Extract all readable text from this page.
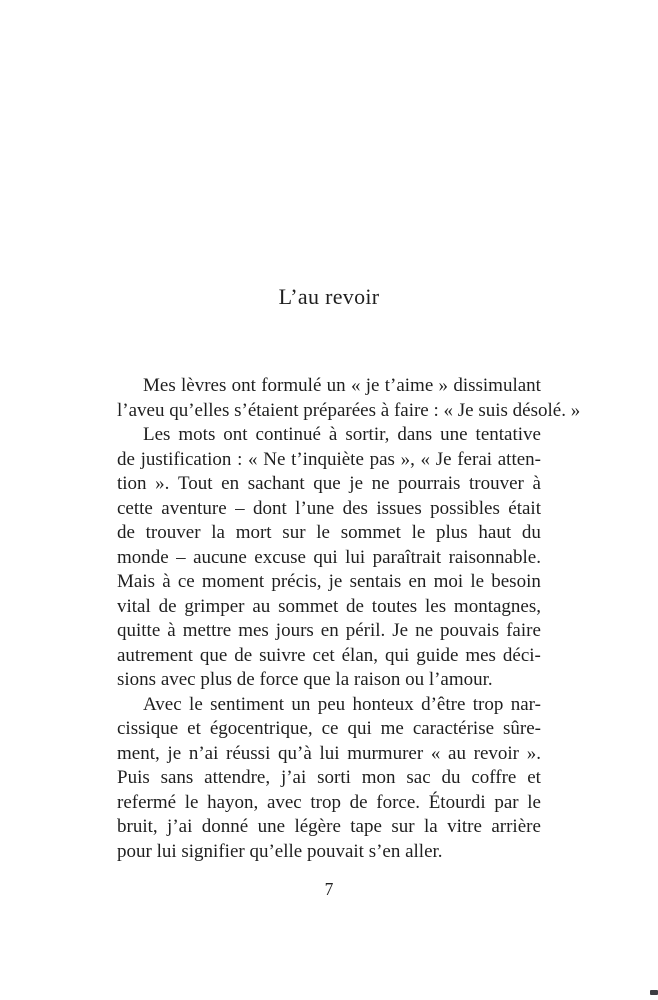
L’au revoir
Mes lèvres ont formulé un « je t’aime » dissimulant
l’aveu qu’elles s’étaient préparées à faire : « Je suis désolé. »
Les mots ont continué à sortir, dans une tentative
de justification : « Ne t’inquiète pas », « Je ferai atten-
tion ». Tout en sachant que je ne pourrais trouver à
cette aventure – dont l’une des issues possibles était
de trouver la mort sur le sommet le plus haut du
monde – aucune excuse qui lui paraîtrait raisonnable.
Mais à ce moment précis, je sentais en moi le besoin
vital de grimper au sommet de toutes les montagnes,
quitte à mettre mes jours en péril. Je ne pouvais faire
autrement que de suivre cet élan, qui guide mes déci-
sions avec plus de force que la raison ou l’amour.
Avec le sentiment un peu honteux d’être trop nar-
cissique et égocentrique, ce qui me caractérise sûre-
ment, je n’ai réussi qu’à lui murmurer « au revoir ».
Puis sans attendre, j’ai sorti mon sac du coffre et
refermé le hayon, avec trop de force. Étourdi par le
bruit, j’ai donné une légère tape sur la vitre arrière
pour lui signifier qu’elle pouvait s’en aller.
7
